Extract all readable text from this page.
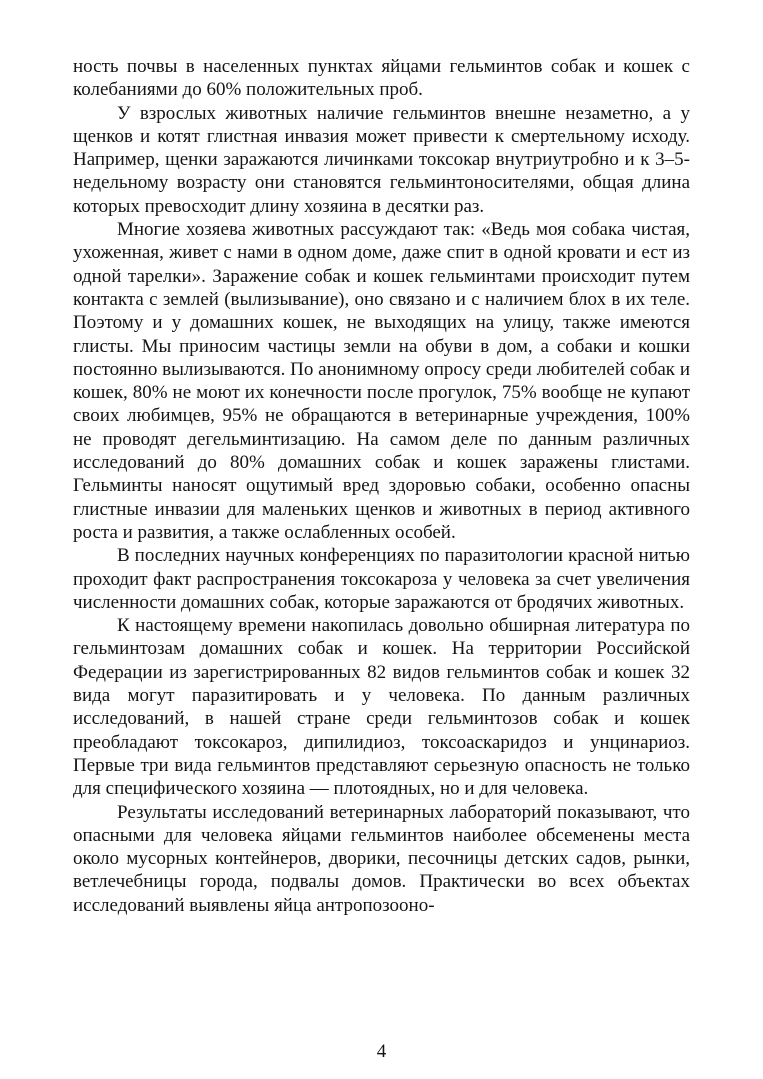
ность почвы в населенных пунктах яйцами гельминтов собак и кошек с колебаниями до 60% положительных проб.

У взрослых животных наличие гельминтов внешне незаметно, а у щенков и котят глистная инвазия может привести к смертельному исходу. Например, щенки заражаются личинками токсокар внутриутробно и к 3–5-недельному возрасту они становятся гельминтоносителями, общая длина которых превосходит длину хозяина в десятки раз.

Многие хозяева животных рассуждают так: «Ведь моя собака чистая, ухоженная, живет с нами в одном доме, даже спит в одной кровати и ест из одной тарелки». Заражение собак и кошек гельминтами происходит путем контакта с землей (вылизывание), оно связано и с наличием блох в их теле. Поэтому и у домашних кошек, не выходящих на улицу, также имеются глисты. Мы приносим частицы земли на обуви в дом, а собаки и кошки постоянно вылизываются. По анонимному опросу среди любителей собак и кошек, 80% не моют их конечности после прогулок, 75% вообще не купают своих любимцев, 95% не обращаются в ветеринарные учреждения, 100% не проводят дегельминтизацию. На самом деле по данным различных исследований до 80% домашних собак и кошек заражены глистами. Гельминты наносят ощутимый вред здоровью собаки, особенно опасны глистные инвазии для маленьких щенков и животных в период активного роста и развития, а также ослабленных особей.

В последних научных конференциях по паразитологии красной нитью проходит факт распространения токсокароза у человека за счет увеличения численности домашних собак, которые заражаются от бродячих животных.

К настоящему времени накопилась довольно обширная литература по гельминтозам домашних собак и кошек. На территории Российской Федерации из зарегистрированных 82 видов гельминтов собак и кошек 32 вида могут паразитировать и у человека. По данным различных исследований, в нашей стране среди гельминтозов собак и кошек преобладают токсокароз, дипилидиоз, токсоаскаридоз и унцинариоз. Первые три вида гельминтов представляют серьезную опасность не только для специфического хозяина — плотоядных, но и для человека.

Результаты исследований ветеринарных лабораторий показывают, что опасными для человека яйцами гельминтов наиболее обсеменены места около мусорных контейнеров, дворики, песочницы детских садов, рынки, ветлечебницы города, подвалы домов. Практически во всех объектах исследований выявлены яйца антропозооно-

4
